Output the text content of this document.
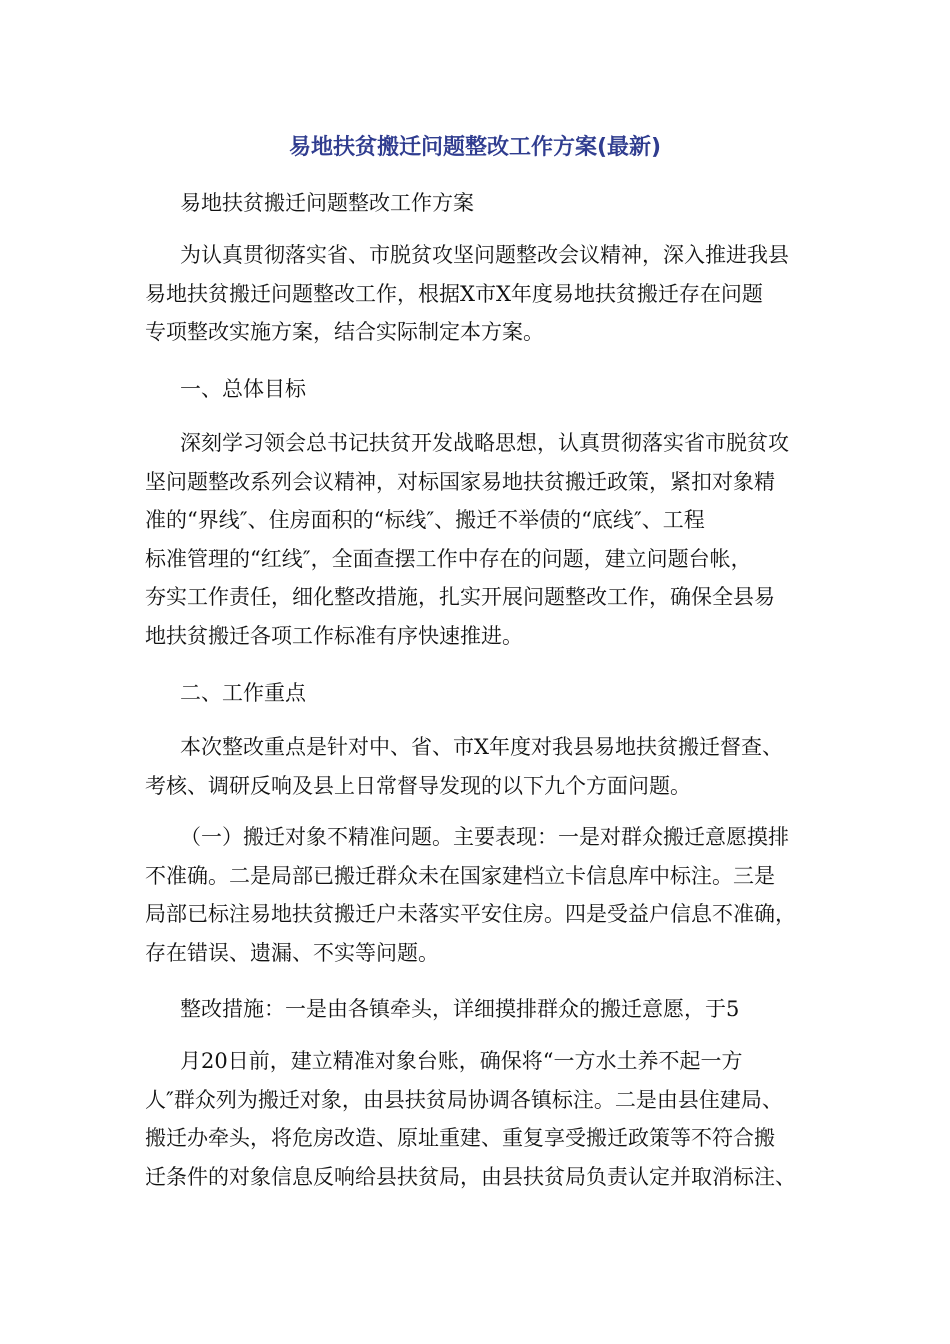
易地扶贫搬迁问题整改工作方案(最新)
易地扶贫搬迁问题整改工作方案
为认真贯彻落实省、市脱贫攻坚问题整改会议精神，深入推进我县
易地扶贫搬迁问题整改工作，根据X市X年度易地扶贫搬迁存在问题
专项整改实施方案，结合实际制定本方案。
一、总体目标
深刻学习领会总书记扶贫开发战略思想，认真贯彻落实省市脱贫攻
坚问题整改系列会议精神，对标国家易地扶贫搬迁政策，紧扣对象精
准的“界线″、住房面积的“标线″、搬迁不举债的“底线″、工程
标准管理的“红线″，全面查摆工作中存在的问题，建立问题台帐，
夯实工作责任，细化整改措施，扎实开展问题整改工作，确保全县易
地扶贫搬迁各项工作标准有序快速推进。
二、工作重点
本次整改重点是针对中、省、市X年度对我县易地扶贫搬迁督查、
考核、调研反响及县上日常督导发现的以下九个方面问题。
（一）搬迁对象不精准问题。主要表现：一是对群众搬迁意愿摸排
不准确。二是局部已搬迁群众未在国家建档立卡信息库中标注。三是
局部已标注易地扶贫搬迁户未落实平安住房。四是受益户信息不准确，
存在错误、遗漏、不实等问题。
整改措施：一是由各镇牵头，详细摸排群众的搬迁意愿，于5
月20日前，建立精准对象台账，确保将“一方水土养不起一方
人″群众列为搬迁对象，由县扶贫局协调各镇标注。二是由县住建局、
搬迁办牵头，将危房改造、原址重建、重复享受搬迁政策等不符合搬
迁条件的对象信息反响给县扶贫局，由县扶贫局负责认定并取消标注、
